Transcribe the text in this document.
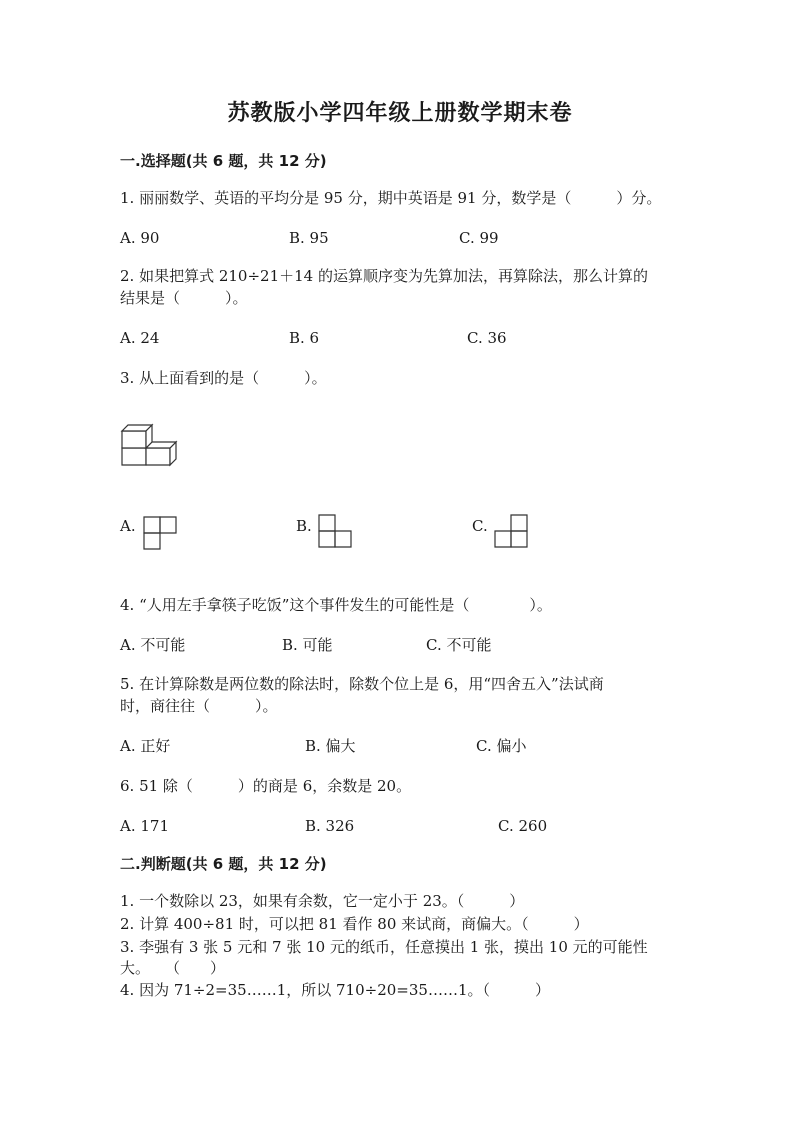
苏教版小学四年级上册数学期末卷
一.选择题(共 6 题，共 12 分)
1. 丽丽数学、英语的平均分是 95 分，期中英语是 91 分，数学是（　　　）分。
A. 90	B. 95	C. 99
2. 如果把算式 210÷21＋14 的运算顺序变为先算加法，再算除法，那么计算的
结果是（　　　）。
A. 24	B. 6	C. 36
3. 从上面看到的是（　　　）。
A.	B.	C.
4. “人用左手拿筷子吃饭”这个事件发生的可能性是（　　　　）。
A. 不可能	B. 可能	C. 不可能
5. 在计算除数是两位数的除法时，除数个位上是 6，用“四舍五入”法试商
时，商往往（　　　）。
A. 正好	B. 偏大	C. 偏小
6. 51 除（　　　）的商是 6，余数是 20。
A. 171	B. 326	C. 260
二.判断题(共 6 题，共 12 分)
1. 一个数除以 23，如果有余数，它一定小于 23。（　　　）
2. 计算 400÷81 时，可以把 81 看作 80 来试商，商偏大。（　　　）
3. 李强有 3 张 5 元和 7 张 10 元的纸币，任意摸出 1 张，摸出 10 元的可能性
大。　　（　　）
4. 因为 71÷2=35……1，所以 710÷20=35……1。（　　　）
